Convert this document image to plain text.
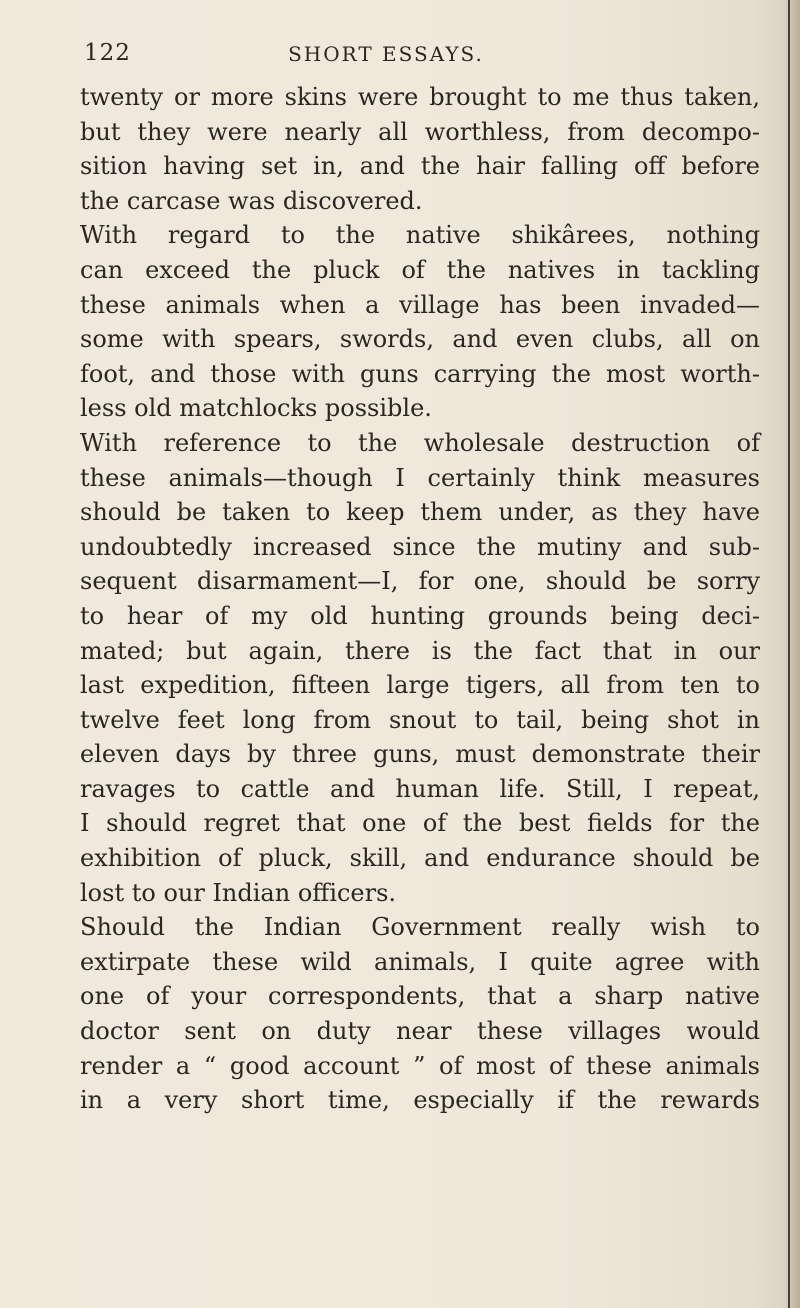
122	SHORT ESSAYS.
twenty or more skins were brought to me thus taken,
but they were nearly all worthless, from decompo-
sition having set in, and the hair falling off before
the carcase was discovered.
With regard to the native shikârees, nothing
can exceed the pluck of the natives in tackling
these animals when a village has been invaded—
some with spears, swords, and even clubs, all on
foot, and those with guns carrying the most worth-
less old matchlocks possible.
With reference to the wholesale destruction of
these animals—though I certainly think measures
should be taken to keep them under, as they have
undoubtedly increased since the mutiny and sub-
sequent disarmament—I, for one, should be sorry
to hear of my old hunting grounds being deci-
mated; but again, there is the fact that in our
last expedition, fifteen large tigers, all from ten to
twelve feet long from snout to tail, being shot in
eleven days by three guns, must demonstrate their
ravages to cattle and human life. Still, I repeat,
I should regret that one of the best fields for the
exhibition of pluck, skill, and endurance should be
lost to our Indian officers.
Should the Indian Government really wish to
extirpate these wild animals, I quite agree with
one of your correspondents, that a sharp native
doctor sent on duty near these villages would
render a “ good account ” of most of these animals
in a very short time, especially if the rewards
